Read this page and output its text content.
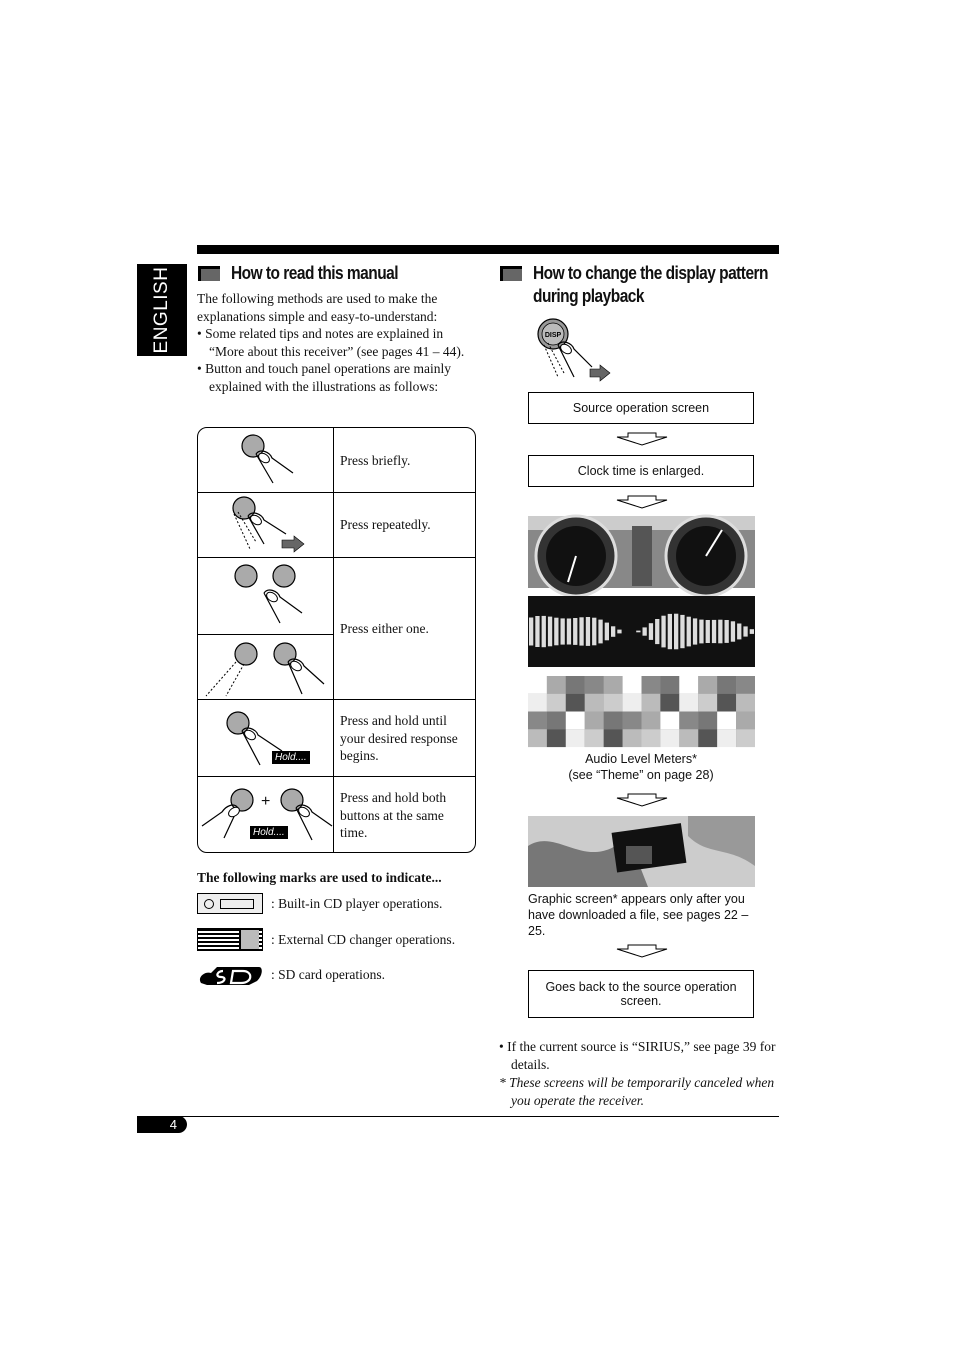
ENGLISH	How to read this manual
The following methods are used to make the explanations simple and easy-to-understand:
• Some related tips and notes are explained in “More about this receiver” (see pages 41 – 44).
• Button and touch panel operations are mainly explained with the illustrations as follows:
Press briefly.
Press repeatedly.
Press either one.
Press and hold until your desired response begins.
Press and hold both buttons at the same time.
Hold....
+
Hold....
The following marks are used to indicate...
: Built-in CD player operations.
: External CD changer operations.
: SD card operations.
How to change the display pattern
during playback
DISP
Source operation screen
Clock time is enlarged.
Audio Level Meters*
(see “Theme” on page 28)
Graphic screen* appears only after you have downloaded a file, see pages 22 – 25.
Goes back to the source operation screen.
• If the current source is “SIRIUS,” see page 39 for details.
* These screens will be temporarily canceled when you operate the receiver.
4
